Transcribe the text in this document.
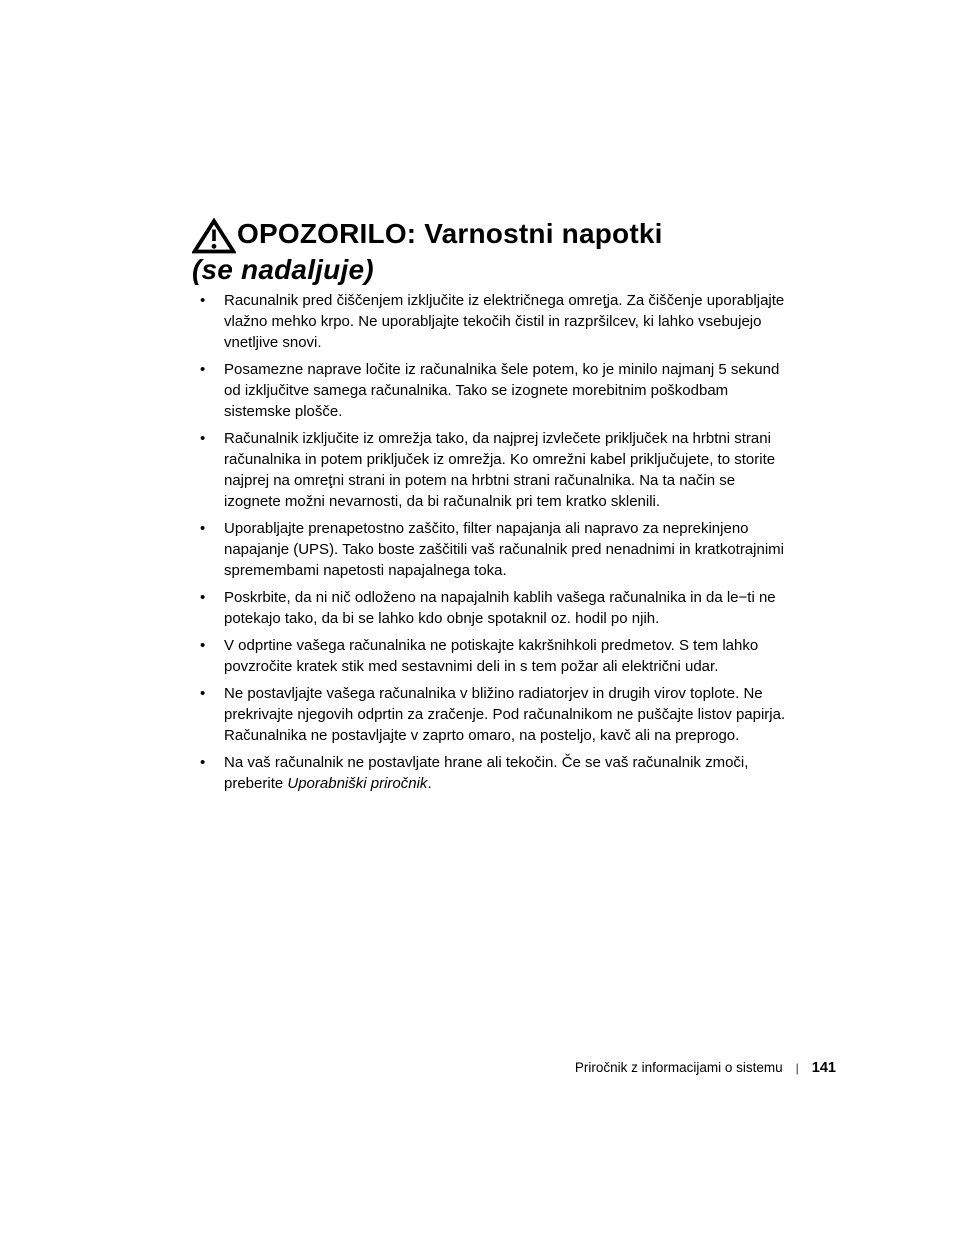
OPOZORILO: Varnostni napotki
(se nadaljuje)
• Racunalnik pred čiščenjem izključite iz električnega omreţja. Za čiščenje uporabljajte vlažno mehko krpo. Ne uporabljajte tekočih čistil in razpršilcev, ki lahko vsebujejo vnetljive snovi.
• Posamezne naprave ločite iz računalnika šele potem, ko je minilo najmanj 5 sekund od izključitve samega računalnika. Tako se izognete morebitnim poškodbam sistemske plošče.
• Računalnik izključite iz omrežja tako, da najprej izvlečete priključek na hrbtni strani računalnika in potem priključek iz omrežja. Ko omrežni kabel priključujete, to storite najprej na omreţni strani in potem na hrbtni strani računalnika. Na ta način se izognete možni nevarnosti, da bi računalnik pri tem kratko sklenili.
• Uporabljajte prenapetostno zaščito, filter napajanja ali napravo za neprekinjeno napajanje (UPS). Tako boste zaščitili vaš računalnik pred nenadnimi in kratkotrajnimi spremembami napetosti napajalnega toka.
• Poskrbite, da ni nič odloženo na napajalnih kablih vašega računalnika in da le−ti ne potekajo tako, da bi se lahko kdo obnje spotaknil oz. hodil po njih.
• V odprtine vašega računalnika ne potiskajte kakršnihkoli predmetov. S tem lahko povzročite kratek stik med sestavnimi deli in s tem požar ali električni udar.
• Ne postavljajte vašega računalnika v bližino radiatorjev in drugih virov toplote. Ne prekrivajte njegovih odprtin za zračenje. Pod računalnikom ne puščajte listov papirja. Računalnika ne postavljajte v zaprto omaro, na posteljo, kavč ali na preprogo.
• Na vaš računalnik ne postavljate hrane ali tekočin. Če se vaš računalnik zmoči, preberite Uporabniški priročnik.
Priročnik z informacijami o sistemu | 141
